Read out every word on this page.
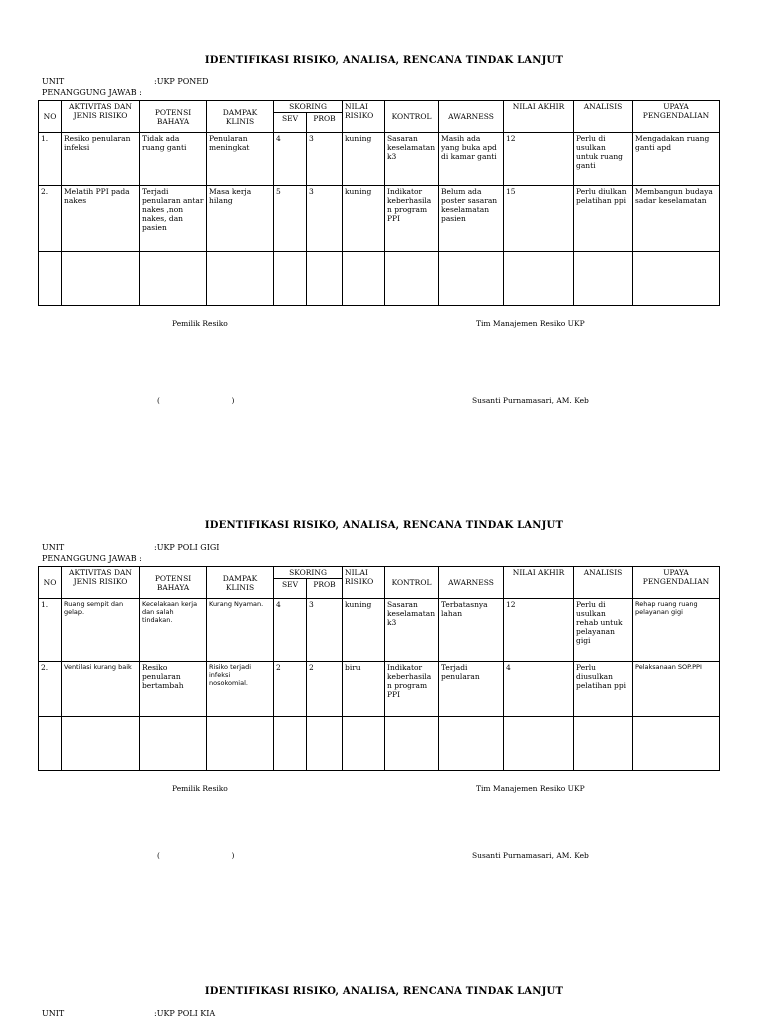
IDENTIFIKASI RISIKO, ANALISA, RENCANA TINDAK LANJUT
UNIT	:UKP PONED
PENANGGUNG JAWAB :
NO	AKTIVITAS DAN JENIS RISIKO	POTENSI BAHAYA	DAMPAK KLINIS	SKORING		NILAI RISIKO	KONTROL	AWARNESS	NILAI AKHIR	ANALISIS	UPAYA PENGENDALIAN
				SEV	PROB						
1.	Resiko penularan infeksi	Tidak ada ruang ganti	Penularan meningkat	4	3	kuning	Sasaran keselamatan k3	Masih ada yang buka apd di kamar ganti	12	Perlu di usulkan untuk ruang ganti	Mengadakan ruang ganti apd
2.	Melatih PPI pada nakes	Terjadi penularan antar nakes ,non nakes, dan pasien	Masa kerja hilang	5	3	kuning	Indikator keberhasilan program PPI	Belum ada poster sasaran keselamatan pasien	15	Perlu diulkan pelatihan ppi	Membangun budaya sadar keselamatan

Pemilik Resiko	Tim Manajemen Resiko UKP
(                              )	Susanti Purnamasari, AM. Keb
IDENTIFIKASI RISIKO, ANALISA, RENCANA TINDAK LANJUT
UNIT	:UKP POLI GIGI
PENANGGUNG JAWAB :
NO	AKTIVITAS DAN JENIS RISIKO	POTENSI BAHAYA	DAMPAK KLINIS	SKORING		NILAI RISIKO	KONTROL	AWARNESS	NILAI AKHIR	ANALISIS	UPAYA PENGENDALIAN
				SEV	PROB						
1.	Ruang sempit dan gelap.	Kecelakaan kerja dan salah tindakan.	Kurang Nyaman.	4	3	kuning	Sasaran keselamatan k3	Terbatasnya lahan	12	Perlu di usulkan rehab untuk pelayanan gigi	Rehap ruang ruang pelayanan gigi
2.	Ventilasi kurang baik	Resiko penularan bertambah	Risiko terjadi infeksi nosokomial.	2	2	biru	Indikator keberhasilan program PPI	Terjadi penularan	4	Perlu diusulkan pelatihan ppi	Pelaksanaan SOP.PPI

Pemilik Resiko	Tim Manajemen Resiko UKP
(                              )	Susanti Purnamasari, AM. Keb
IDENTIFIKASI RISIKO, ANALISA, RENCANA TINDAK LANJUT
UNIT	:UKP POLI KIA
